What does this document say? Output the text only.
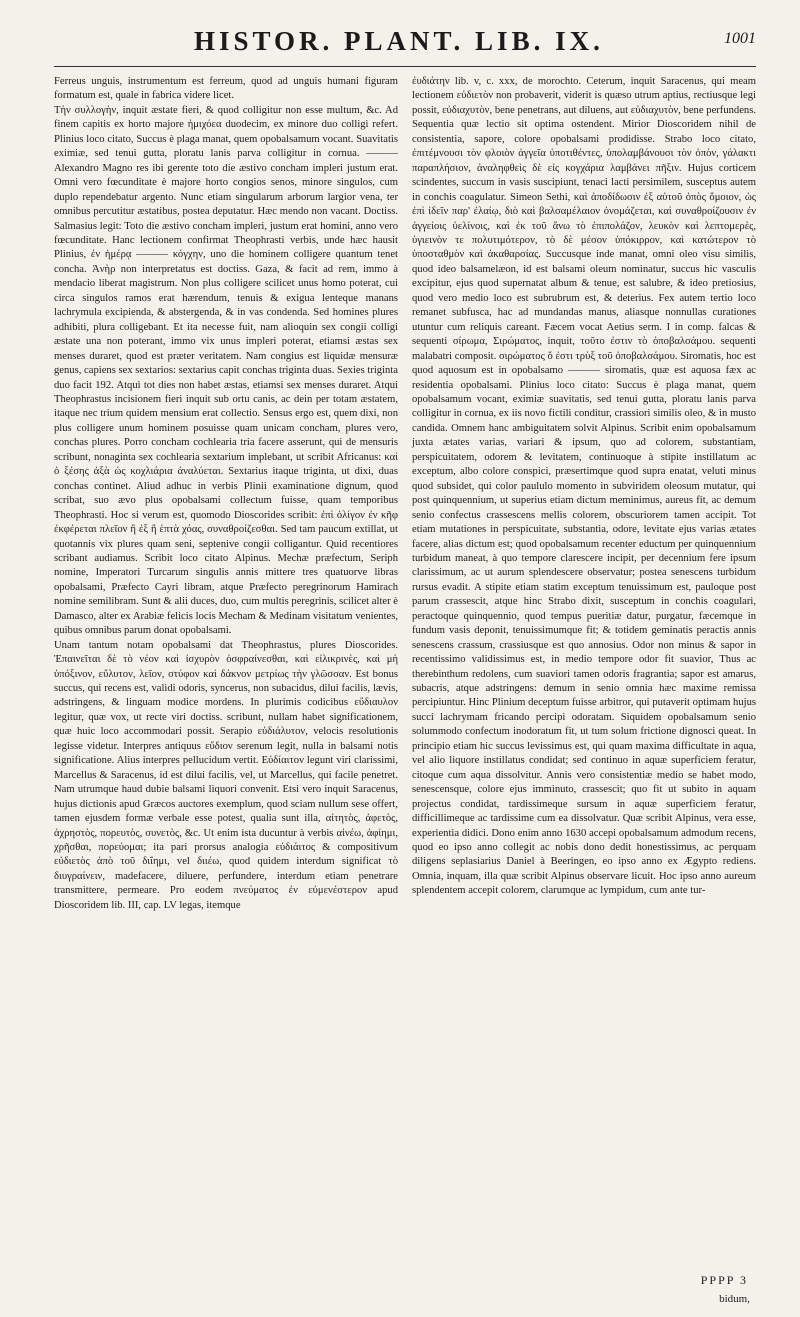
HISTOR. PLANT. LIB. IX.	1001

Ferreus unguis, instrumentum est ferreum, quod ad unguis humani figuram formatum est, quale in fabrica videre licet.

Τὴν συλλογὴν, inquit æstate fieri, & quod colligitur non esse multum, &c. Ad finem capitis ex horto majore ἡμιχόεα duodecim, ex minore duo colligi refert. Plinius loco citato, Succus è plaga manat, quem opobalsamum vocant. Suavitatis eximiæ, sed tenui gutta, ploratu lanis parva colligitur in cornua. ——— Alexandro Magno res ibi gerente toto die æstivo concham impleri justum erat. Omni vero fœcunditate è majore horto congios senos, minore singulos, cum duplo rependebatur argento. Nunc etiam singularum arborum largior vena, ter omnibus percutitur æstatibus, postea deputatur. Hæc mendo non vacant. Doctiss. Salmasius legit: Toto die æstivo concham impleri, justum erat homini, anno vero fœcunditate. Hanc lectionem confirmat Theophrasti verbis, unde hæc hausit Plinius, ἐν ἡμέρᾳ ——— κόγχην, uno die hominem colligere quantum tenet concha. Ἀνὴρ non interpretatus est doctiss. Gaza, & facit ad rem, immo à mendacio liberat magistrum. Non plus colligere scilicet unus homo poterat, cui circa singulos ramos erat hærendum, tenuis & exigua lenteque manans lachrymula excipienda, & abstergenda, & in vas condenda. Sed homines plures adhibiti, plura colligebant. Et ita necesse fuit, nam alioquin sex congii colligi æstate una non poterant, immo vix unus impleri poterat, etiamsi æstas sex menses duraret, quod est præter veritatem. Nam congius est liquidæ mensuræ genus, capiens sex sextarios: sextarius capit conchas triginta duas. Sexies triginta duo facit 192. Atqui tot dies non habet æstas, etiamsi sex menses duraret. Atqui Theophrastus incisionem fieri inquit sub ortu canis, ac dein per totam æstatem, itaque nec trium quidem mensium erat collectio. Sensus ergo est, quem dixi, non plus colligere unum hominem posuisse quam unicam concham, plures vero, conchas plures. Porro concham cochlearia tria facere asserunt, qui de mensuris scribunt, nonaginta sex cochlearia sextarium implebant, ut scribit Africanus: καὶ ὁ ξέσης ἀξὰ ὡς κοχλιάρια ἀναλύεται. Sextarius itaque triginta, ut dixi, duas conchas continet. Aliud adhuc in verbis Plinii examinatione dignum, quod scribat, suo ævo plus opobalsami collectum fuisse, quam temporibus Theophrasti. Hoc si verum est, quomodo Dioscorides scribit: ἐπὶ ὀλίγον ἐν κῆφ ἐκφέρεται πλεῖον ἢ ἐξ ἢ ἑπτὰ χόας, συναθροίζεσθαι. Sed tam paucum extillat, ut quotannis vix plures quam seni, septenive congii colligantur. Quid recentiores scribant audiamus. Scribit loco citato Alpinus. Mechæ præfectum, Seriph nomine, Imperatori Turcarum singulis annis mittere tres quatuorve libras opobalsami, Præfecto Cayri libram, atque Præfecto peregrinorum Hamirach nomine semilibram. Sunt & alii duces, duo, cum multis peregrinis, scilicet alter è Damasco, alter ex Arabiæ felicis locis Mecham & Medinam visitatum venientes, quibus omnibus parum donat opobalsami.

Unam tantum notam opobalsami dat Theophrastus, plures Dioscorides. Ἐπαινεῖται δὲ τὸ νέον καὶ ἰσχυρὸν ὀσφραίνεσθαι, καὶ εἰλικρινὲς, καὶ μὴ ὑπόξινον, εὔλυτον, λεῖον, στύφον καὶ δάκνον μετρίως τὴν γλῶσσαν. Est bonus succus, qui recens est, validi odoris, syncerus, non subacidus, dilui facilis, lævis, adstringens, & linguam modice mordens. In plurimis codicibus εὔδιαυλον legitur, quæ vox, ut recte viri doctiss. scribunt, nullam habet significationem, quæ huic loco accommodari possit. Serapio εὐδιάλυτον, velocis resolutionis legisse videtur. Interpres antiquus εὔδιον serenum legit, nulla in balsami notis significatione. Alius interpres pellucidum vertit. Εὐδίαιτον legunt viri clarissimi, Marcellus & Saracenus, id est dilui facilis, vel, ut Marcellus, qui facile penetret. Nam utrumque haud dubie balsami liquori convenit. Etsi vero inquit Saracenus, hujus dictionis apud Græcos auctores exemplum, quod sciam nullum sese offert, tamen ejusdem formæ verbale esse potest, qualia sunt illa, αἰτητὸς, ἀφετὸς, ἀχρηστὸς, πορευτὸς, συνετὸς, &c. Ut enim ista ducuntur à verbis αἰνέω, ἀφίημι, χρῆσθαι, πορεύομαι; ita pari prorsus analogia εὐδιάιτος & compositivum εὐδιετὸς ἀπὸ τοῦ διΐημι, vel διιέω, quod quidem interdum significat τὸ διυγραίνειν, madefacere, diluere, perfundere, interdum etiam penetrare transmittere, permeare. Pro eodem πνεύματος ἐν εὐμενέστερον apud Dioscoridem lib. III, cap. LV legas, itemque

ἐυδιάτην lib. v, c. xxx, de morochto. Ceterum, inquit Saracenus, qui meam lectionem εὐδιετὸν non probaverit, viderit is quæso utrum aptius, rectiusque legi possit, εὐδιαχυτὸν, bene penetrans, aut diluens, aut εὐδιαχυτὸν, bene perfundens. Sequentia quæ lectio sit optima ostendent. Mirior Dioscoridem nihil de consistentia, sapore, colore opobalsami prodidisse. Strabo loco citato, ἐπιτέμνουσι τὸν φλοιὸν ἀγγεῖα ὑποτιθέντες, ὑπολαμβάνουσι τὸν ὀπὸν, γάλακτι παραπλήσιον, ἀναληφθεὶς δὲ εἰς κογχάρια λαμβάνει πῆξιν. Hujus corticem scindentes, succum in vasis suscipiunt, tenaci lacti persimilem, susceptus autem in conchis coagulatur. Simeon Sethi, καὶ ἀποδίδωσιν ἐξ αὐτοῦ ὀπὸς ὅμοιον, ὡς ἐπὶ ἰδεῖν παρ' ἐλαίῳ, διὸ καὶ βαλσαμέλαιον ὀνομάζεται, καὶ συναθροίζουσιν ἐν ἀγγείοις ὑελίνοις, καὶ ἐκ τοῦ ἄνω τὸ ἐπιπολάζον, λευκὸν καὶ λεπτομερὲς, ὑγιεινὸν τε πολυτιμότερον, τὸ δὲ μέσον ὑπόκιρρον, καὶ κατώτερον τὸ ὑποσταθμὸν καὶ ἀκαθαρσίας. Succusque inde manat, omni oleo visu similis, quod ideo balsamelæon, id est balsami oleum nominatur, succus hic vasculis excipitur, ejus quod supernatat album & tenue, est salubre, & ideo pretiosius, quod vero medio loco est subrubrum est, & deterius. Fex autem tertio loco remanet subfusca, hac ad mundandas manus, aliasque nonnullas curationes utuntur cum reliquis careant. Fæcem vocat Aetius serm. I in comp. falcas & sequenti σίρωμα, Σιρώματος, inquit, τοῦτο ἐστιν τὸ ὀποβαλσάμου. sequenti malabatri composit. σιρώματος ὅ ἐστι τρὺξ τοῦ ὀποβαλσάμου. Siromatis, hoc est quod aquosum est in opobalsamo ——— siromatis, quæ est aquosa fæx ac residentia opobalsami. Plinius loco citato: Succus è plaga manat, quem opobalsamum vocant, eximiæ suavitatis, sed tenui gutta, ploratu lanis parva colligitur in cornua, ex iis novo fictili conditur, crassiori similis oleo, & in musto candida. Omnem hanc ambiguitatem solvit Alpinus. Scribit enim opobalsamum juxta ætates varias, variari & ipsum, quo ad colorem, substantiam, perspicuitatem, odorem & levitatem, continuoque à stipite instillatum ac exceptum, albo colore conspici, præsertimque quod supra enatat, veluti minus quod subsidet, qui color paululo momento in subviridem oleosum mutatur, qui post quinquennium, ut superius etiam dictum meminimus, aureus fit, ac demum senio confectus crassescens mellis colorem, obscuriorem tamen accipit. Tot etiam mutationes in perspicuitate, substantia, odore, levitate ejus varias ætates facere, alias dictum est; quod opobalsamum recenter eductum per quinquennium turbidum maneat, à quo tempore clarescere incipit, per decennium fere ipsum clarissimum, ac ut aurum splendescere observatur; postea senescens turbidum rursus evadit. A stipite etiam statim exceptum tenuissimum est, pauloque post parum crassescit, atque hinc Strabo dixit, susceptum in conchis coagulari, peractoque quinquennio, quod tempus pueritiæ datur, purgatur, fæcemque in fundum vasis deponit, tenuissimumque fit; & totidem geminatis peractis annis senescens crassum, crassiusque est quo annosius. Odor non minus & sapor in recentissimo validissimus est, in medio tempore odor fit suavior, Thus ac therebinthum redolens, cum suaviori tamen odoris fragrantia; sapor est amarus, subacris, atque adstringens: demum in senio omnia hæc maxime remissa percipiuntur. Hinc Plinium deceptum fuisse arbitror, qui putaverit optimam hujus succi lachrymam fricando percipi odoratam. Siquidem opobalsamum senio solummodo confectum inodoratum fit, ut tum solum frictione dignosci queat. In principio etiam hic succus levissimus est, qui quam maxima difficultate in aqua, vel alio liquore instillatus condidat; sed continuo in aquæ superficiem feratur, citoque cum aqua dissolvitur. Annis vero consistentiæ medio se habet modo, senescensque, colore ejus imminuto, crassescit; quo fit ut subito in aquam projectus condidat, tardissimeque sursum in aquæ superficiem feratur, difficillimeque ac tardissime cum ea dissolvatur. Quæ scribit Alpinus, vera esse, experientia didici. Dono enim anno 1630 accepi opobalsamum admodum recens, quod eo ipso anno collegit ac nobis dono dedit honestissimus, ac perquam diligens seplasiarius Daniel à Beeringen, eo ipso anno ex Ægypto rediens. Omnia, inquam, illa quæ scribit Alpinus observare licuit. Hoc ipso anno aureum splendentem accepit colorem, clarumque ac lympidum, cum ante tur-

PPPP 3
bidum,
